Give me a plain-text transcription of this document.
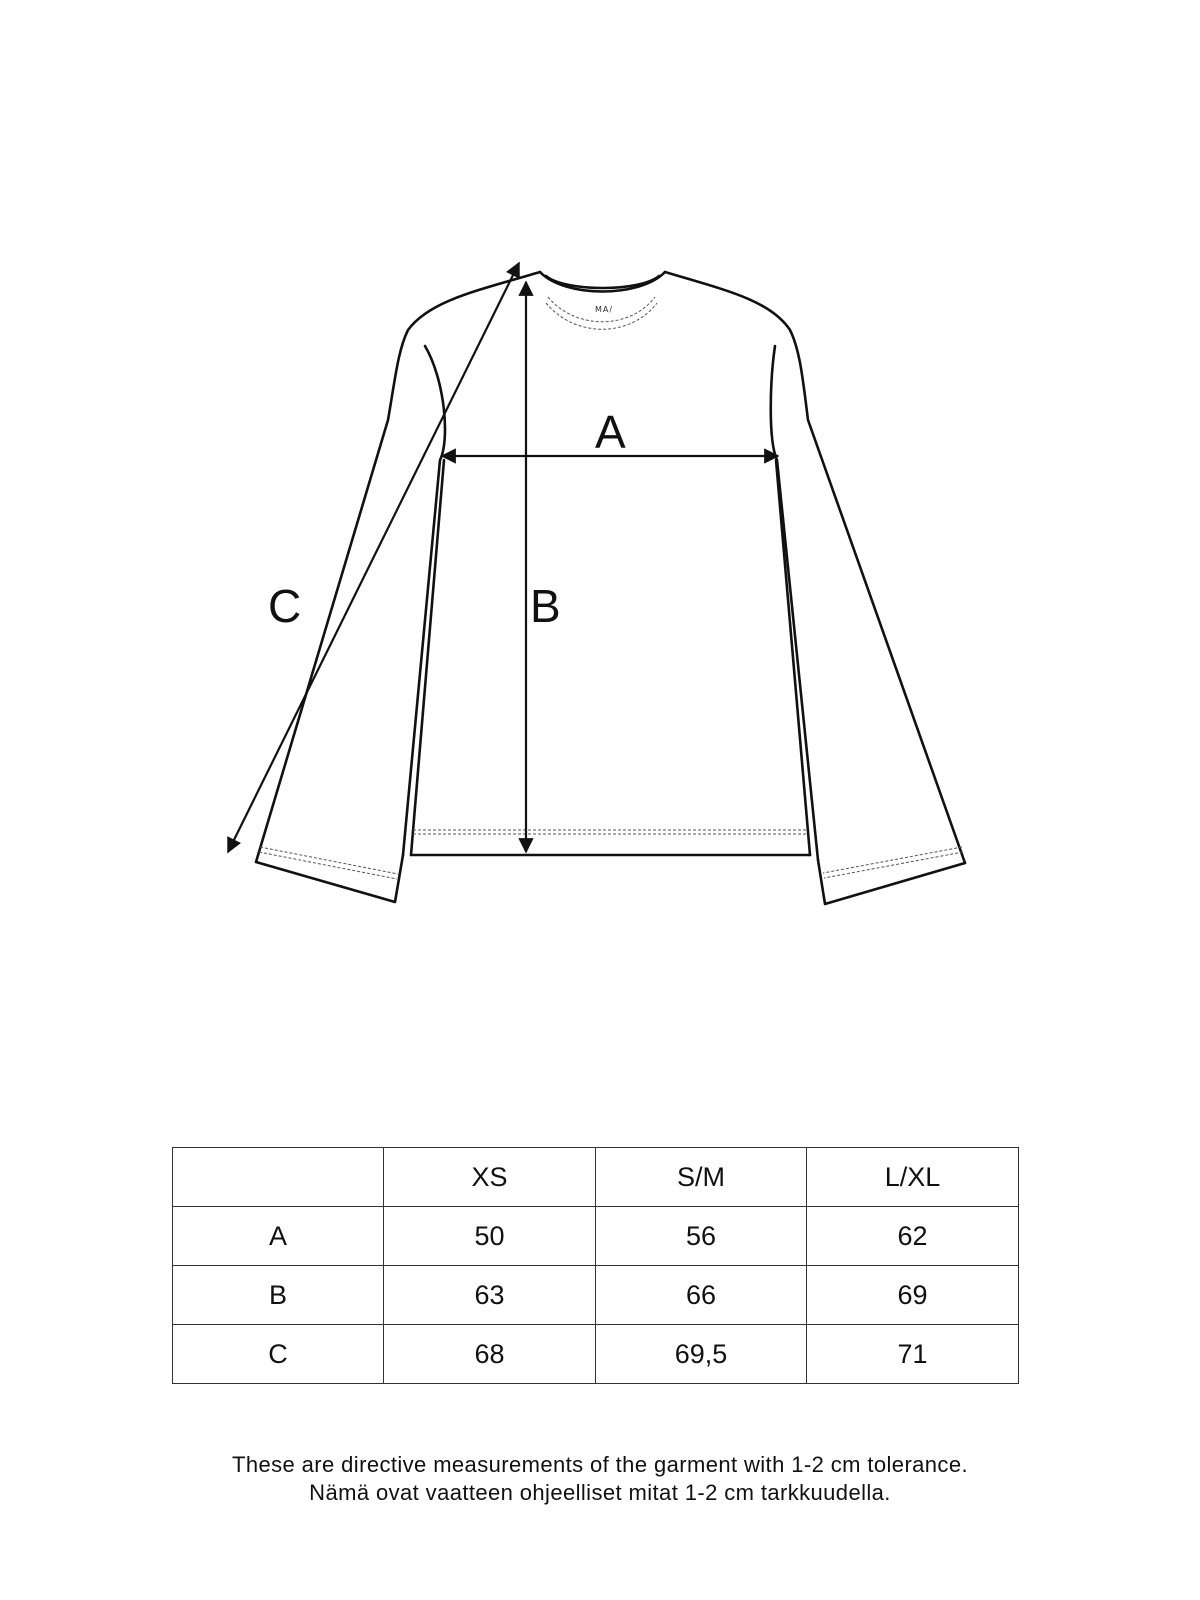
MA/
A
B
C
	XS	S/M	L/XL
A	50	56	62
B	63	66	69
C	68	69,5	71
These are directive measurements of the garment with 1-2 cm tolerance.
Nämä ovat vaatteen ohjeelliset mitat 1-2 cm tarkkuudella.
